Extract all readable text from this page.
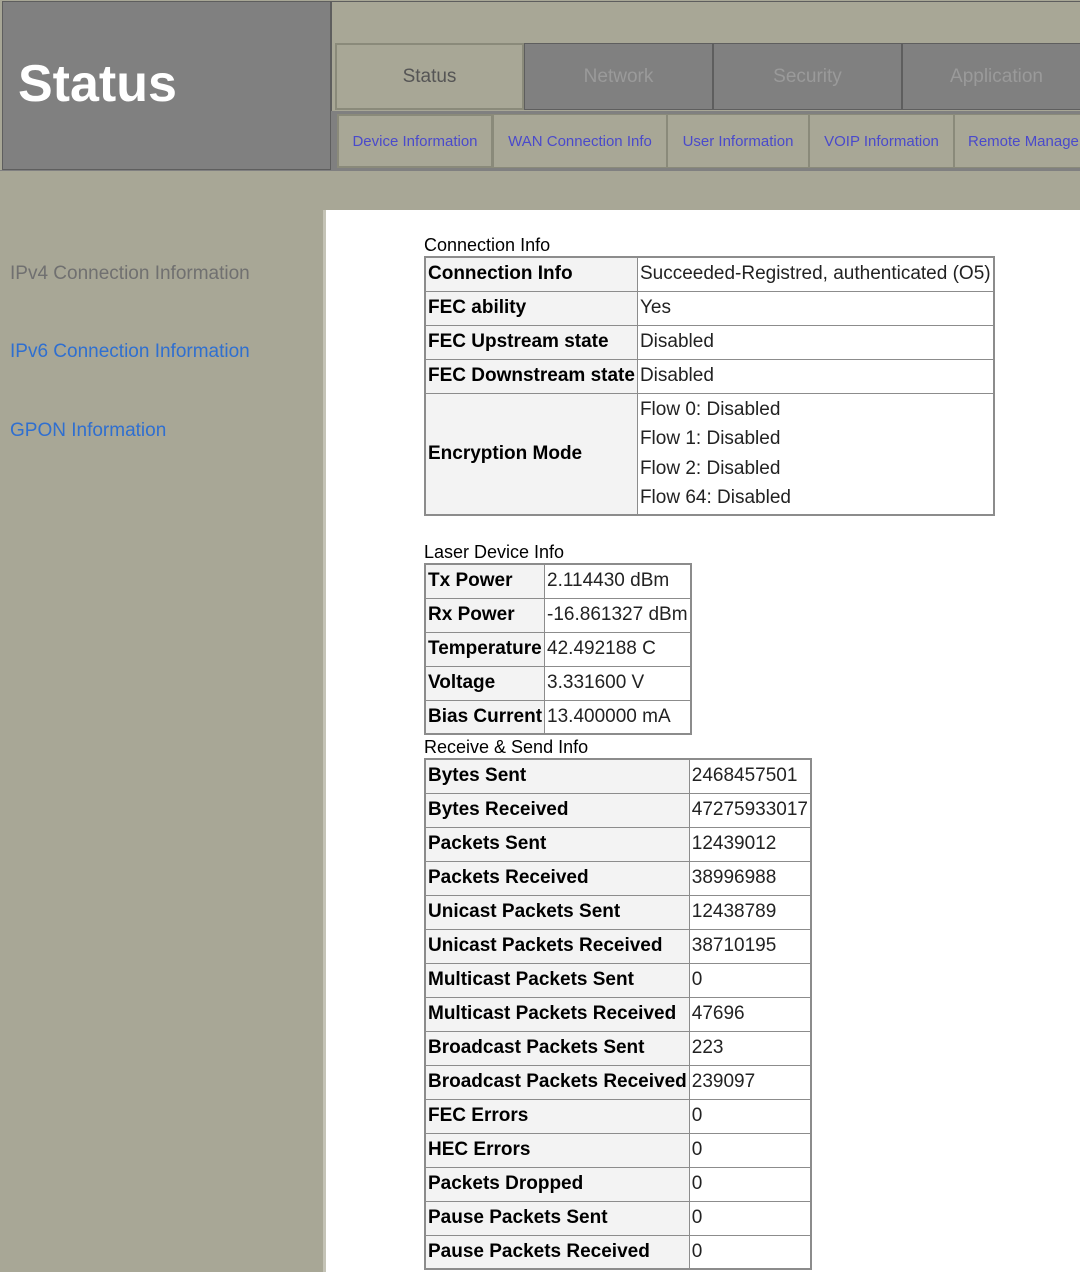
Status	Status	Network	Security	Application
Device Information WAN Connection Info User Information VOIP Information Remote Manage
IPv4 Connection Information
IPv6 Connection Information
GPON Information
Connection Info
Connection Info	Succeeded-Registred, authenticated (O5)
FEC ability	Yes
FEC Upstream state	Disabled
FEC Downstream state	Disabled
Encryption Mode	Flow 0: Disabled
Flow 1: Disabled
Flow 2: Disabled
Flow 64: Disabled
Laser Device Info
Tx Power	2.114430 dBm
Rx Power	-16.861327 dBm
Temperature	42.492188 C
Voltage	3.331600 V
Bias Current	13.400000 mA
Receive & Send Info
Bytes Sent	2468457501
Bytes Received	47275933017
Packets Sent	12439012
Packets Received	38996988
Unicast Packets Sent	12438789
Unicast Packets Received	38710195
Multicast Packets Sent	0
Multicast Packets Received	47696
Broadcast Packets Sent	223
Broadcast Packets Received	239097
FEC Errors	0
HEC Errors	0
Packets Dropped	0
Pause Packets Sent	0
Pause Packets Received	0
